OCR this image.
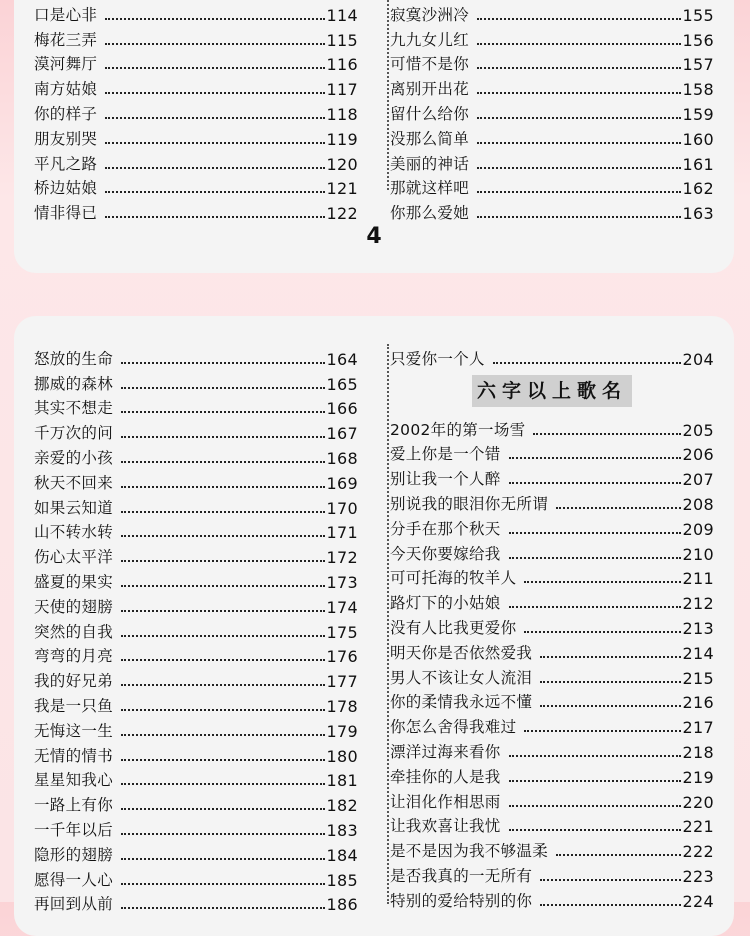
口是心非	114
梅花三弄	115
漠河舞厅	116
南方姑娘	117
你的样子	118
朋友别哭	119
平凡之路	120
桥边姑娘	121
情非得已	122
寂寞沙洲冷	155
九九女儿红	156
可惜不是你	157
离别开出花	158
留什么给你	159
没那么简单	160
美丽的神话	161
那就这样吧	162
你那么爱她	163
4
怒放的生命	164
挪威的森林	165
其实不想走	166
千万次的问	167
亲爱的小孩	168
秋天不回来	169
如果云知道	170
山不转水转	171
伤心太平洋	172
盛夏的果实	173
天使的翅膀	174
突然的自我	175
弯弯的月亮	176
我的好兄弟	177
我是一只鱼	178
无悔这一生	179
无情的情书	180
星星知我心	181
一路上有你	182
一千年以后	183
隐形的翅膀	184
愿得一人心	185
再回到从前	186
只爱你一个人	204
六字以上歌名
2002年的第一场雪	205
爱上你是一个错	206
别让我一个人醉	207
别说我的眼泪你无所谓	208
分手在那个秋天	209
今天你要嫁给我	210
可可托海的牧羊人	211
路灯下的小姑娘	212
没有人比我更爱你	213
明天你是否依然爱我	214
男人不该让女人流泪	215
你的柔情我永远不懂	216
你怎么舍得我难过	217
漂洋过海来看你	218
牵挂你的人是我	219
让泪化作相思雨	220
让我欢喜让我忧	221
是不是因为我不够温柔	222
是否我真的一无所有	223
特别的爱给特别的你	224
